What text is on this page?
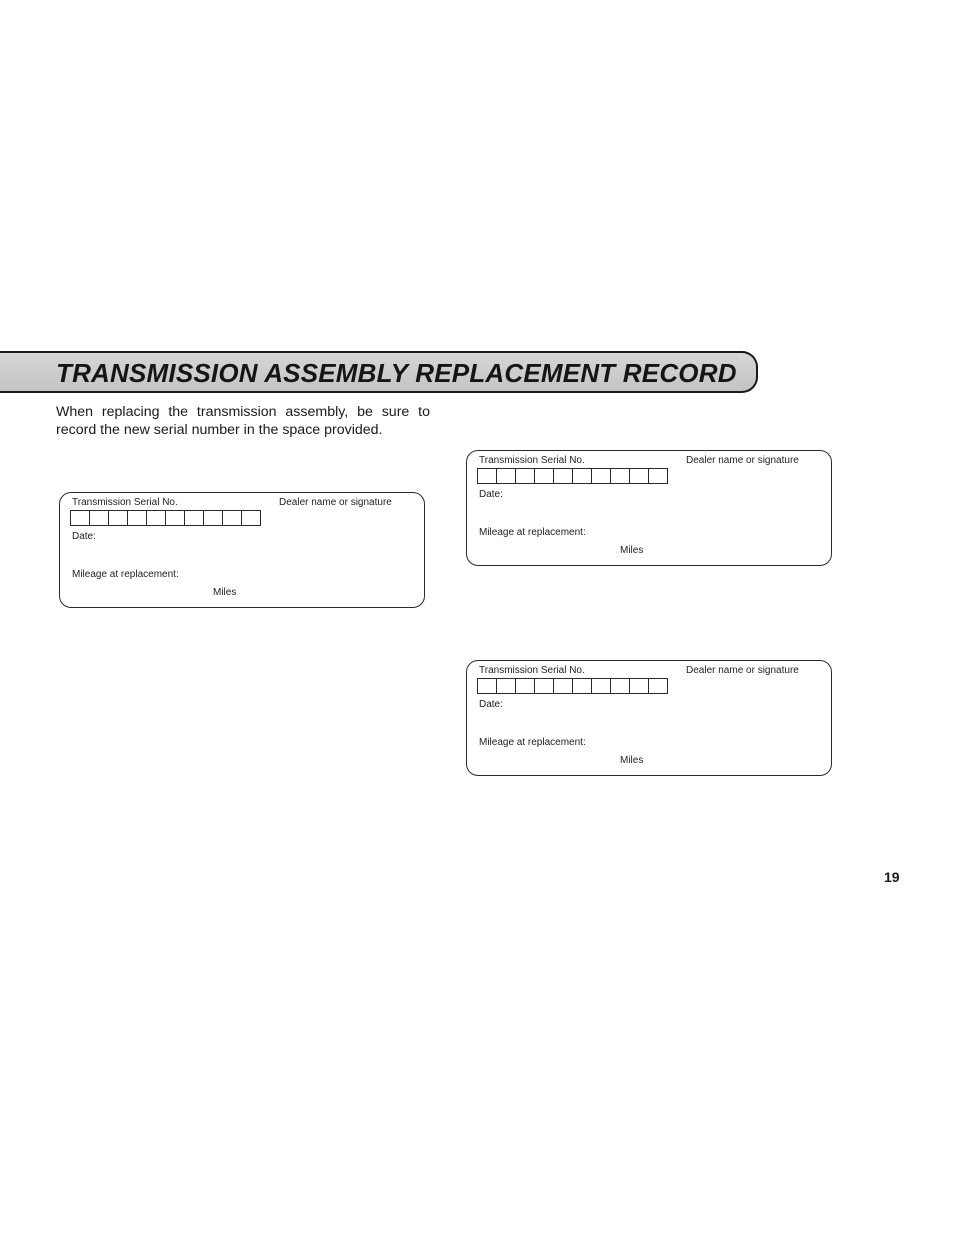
TRANSMISSION ASSEMBLY REPLACEMENT RECORD

When replacing the transmission assembly, be sure to record the new serial number in the space provided.

Transmission Serial No.	Dealer name or signature
Date:
Mileage at replacement:
Miles
Transmission Serial No.	Dealer name or signature
Date:
Mileage at replacement:
Miles
Transmission Serial No.	Dealer name or signature
Date:
Mileage at replacement:
Miles
19
